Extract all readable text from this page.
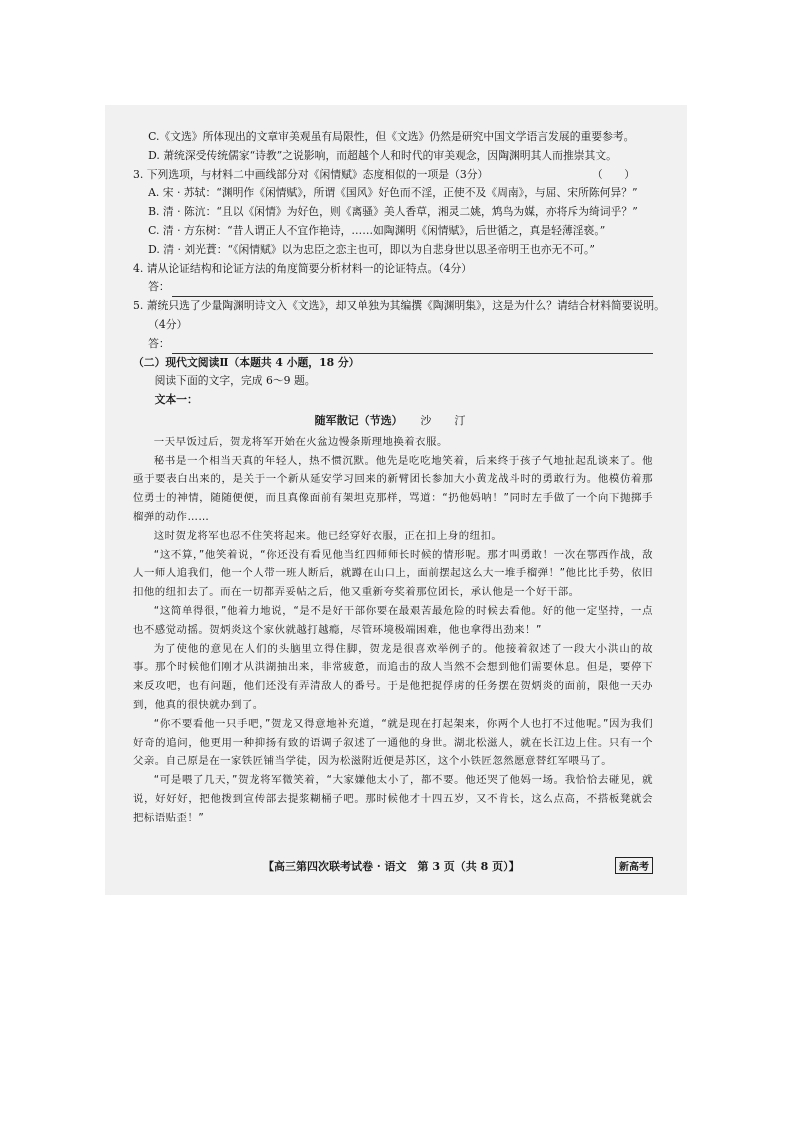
C.《文选》所体现出的文章审美观虽有局限性，但《文选》仍然是研究中国文学语言发展的重要参考。
D. 萧统深受传统儒家“诗教”之说影响，而超越个人和时代的审美观念，因陶渊明其人而推崇其文。
3. 下列选项，与材料二中画线部分对《闲情赋》态度相似的一项是（3分）	（　　）
A. 宋 · 苏轼：“渊明作《闲情赋》，所谓《国风》好色而不淫，正使不及《周南》，与屈、宋所陈何异？”
B. 清 · 陈沆：“且以《闲情》为好色，则《离骚》美人香草，湘灵二姚，鸩鸟为媒，亦将斥为绮词乎？”
C. 清 · 方东树：“昔人谓正人不宜作艳诗，……如陶渊明《闲情赋》，后世循之，真是轻薄淫亵。”
D. 清 · 刘光蕡：“《闲情赋》以为忠臣之恋主也可，即以为自悲身世以思圣帝明王也亦无不可。”
4. 请从论证结构和论证方法的角度简要分析材料一的论证特点。（4分）
答：
5. 萧统只选了少量陶渊明诗文入《文选》，却又单独为其编撰《陶渊明集》，这是为什么？请结合材料简要说明。
（4分）
答：
（二）现代文阅读Ⅱ（本题共 4 小题，18 分）
阅读下面的文字，完成 6～9 题。
文本一：
随军散记（节选） 沙　汀
一天早饭过后，贺龙将军开始在火盆边慢条斯理地换着衣服。
秘书是一个相当天真的年轻人，热不惯沉默。他先是吃吃地笑着，后来终于孩子气地扯起乱谈来了。他亟于要表白出来的，是关于一个新从延安学习回来的新臂团长参加大小黄龙战斗时的勇敢行为。他模仿着那位勇士的神情，随随便便，而且真像面前有架坦克那样，骂道：“扔他妈呐！”同时左手做了一个向下抛掷手榴弹的动作……
这时贺龙将军也忍不住笑将起来。他已经穿好衣服，正在扣上身的纽扣。
“这不算，”他笑着说，“你还没有看见他当红四师师长时候的情形呢。那才叫勇敢！一次在鄂西作战，敌人一师人追我们，他一个人带一班人断后，就蹲在山口上，面前摆起这么大一堆手榴弹！”他比比手势，依旧扣他的纽扣去了。而在一切都弄妥帖之后，他又重新夸奖着那位团长，承认他是一个好干部。
“这简单得很，”他着力地说，“是不是好干部你要在最艰苦最危险的时候去看他。好的他一定坚持，一点也不感觉动摇。贺炳炎这个家伙就越打越瘾，尽管环境极端困难，他也拿得出劲来！”
为了使他的意见在人们的头脑里立得住脚，贺龙是很喜欢举例子的。他接着叙述了一段大小洪山的故事。那个时候他们刚才从洪湖抽出来，非常疲惫，而追击的敌人当然不会想到他们需要休息。但是，要停下来反攻吧，也有问题，他们还没有弄清敌人的番号。于是他把捉俘虏的任务摆在贺炳炎的面前，限他一天办到，他真的很快就办到了。
“你不要看他一只手吧，”贺龙又得意地补充道，“就是现在打起架来，你两个人也打不过他呢。”因为我们好奇的追问，他更用一种抑扬有致的语调子叙述了一通他的身世。湖北松滋人，就在长江边上住。只有一个父亲。自己原是在一家铁匠铺当学徒，因为松滋附近便是苏区，这个小铁匠忽然愿意替红军喂马了。
“可是喂了几天，”贺龙将军微笑着，“大家嫌他太小了，都不要。他还哭了他妈一场。我恰恰去碰见，就说，好好好，把他拨到宣传部去提浆糊桶子吧。那时候他才十四五岁，又不肯长，这么点高，不搭板凳就会把标语贴歪！”
【高三第四次联考试卷 · 语文　第 3 页（共 8 页）】	新高考
